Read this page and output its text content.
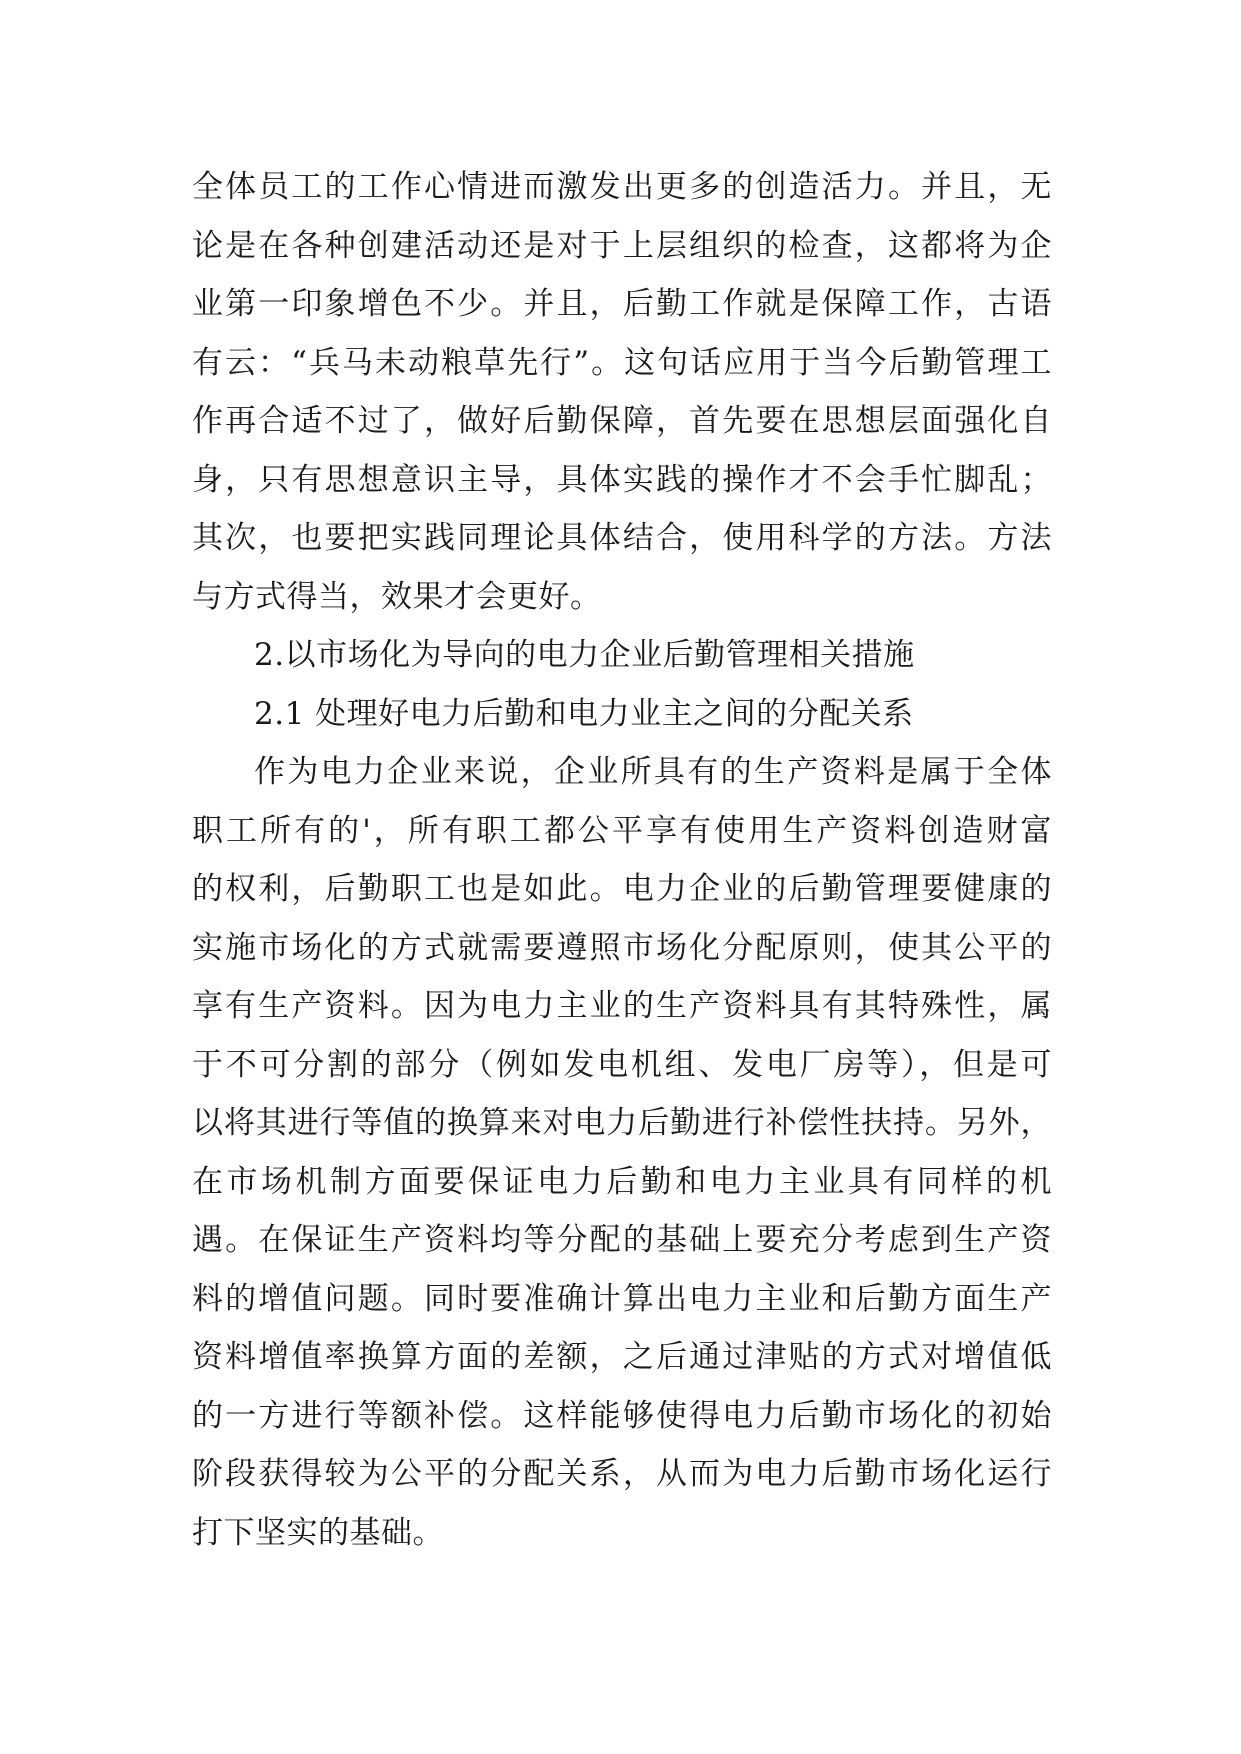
全体员工的工作心情进而激发出更多的创造活力。并且，无
论是在各种创建活动还是对于上层组织的检查，这都将为企
业第一印象增色不少。并且，后勤工作就是保障工作，古语
有云：“兵马未动粮草先行”。这句话应用于当今后勤管理工
作再合适不过了，做好后勤保障，首先要在思想层面强化自
身，只有思想意识主导，具体实践的操作才不会手忙脚乱；
其次，也要把实践同理论具体结合，使用科学的方法。方法
与方式得当，效果才会更好。
2.以市场化为导向的电力企业后勤管理相关措施
2.1 处理好电力后勤和电力业主之间的分配关系
作为电力企业来说，企业所具有的生产资料是属于全体
职工所有的'，所有职工都公平享有使用生产资料创造财富
的权利，后勤职工也是如此。电力企业的后勤管理要健康的
实施市场化的方式就需要遵照市场化分配原则，使其公平的
享有生产资料。因为电力主业的生产资料具有其特殊性，属
于不可分割的部分（例如发电机组、发电厂房等），但是可
以将其进行等值的换算来对电力后勤进行补偿性扶持。另外，
在市场机制方面要保证电力后勤和电力主业具有同样的机
遇。在保证生产资料均等分配的基础上要充分考虑到生产资
料的增值问题。同时要准确计算出电力主业和后勤方面生产
资料增值率换算方面的差额，之后通过津贴的方式对增值低
的一方进行等额补偿。这样能够使得电力后勤市场化的初始
阶段获得较为公平的分配关系，从而为电力后勤市场化运行
打下坚实的基础。
